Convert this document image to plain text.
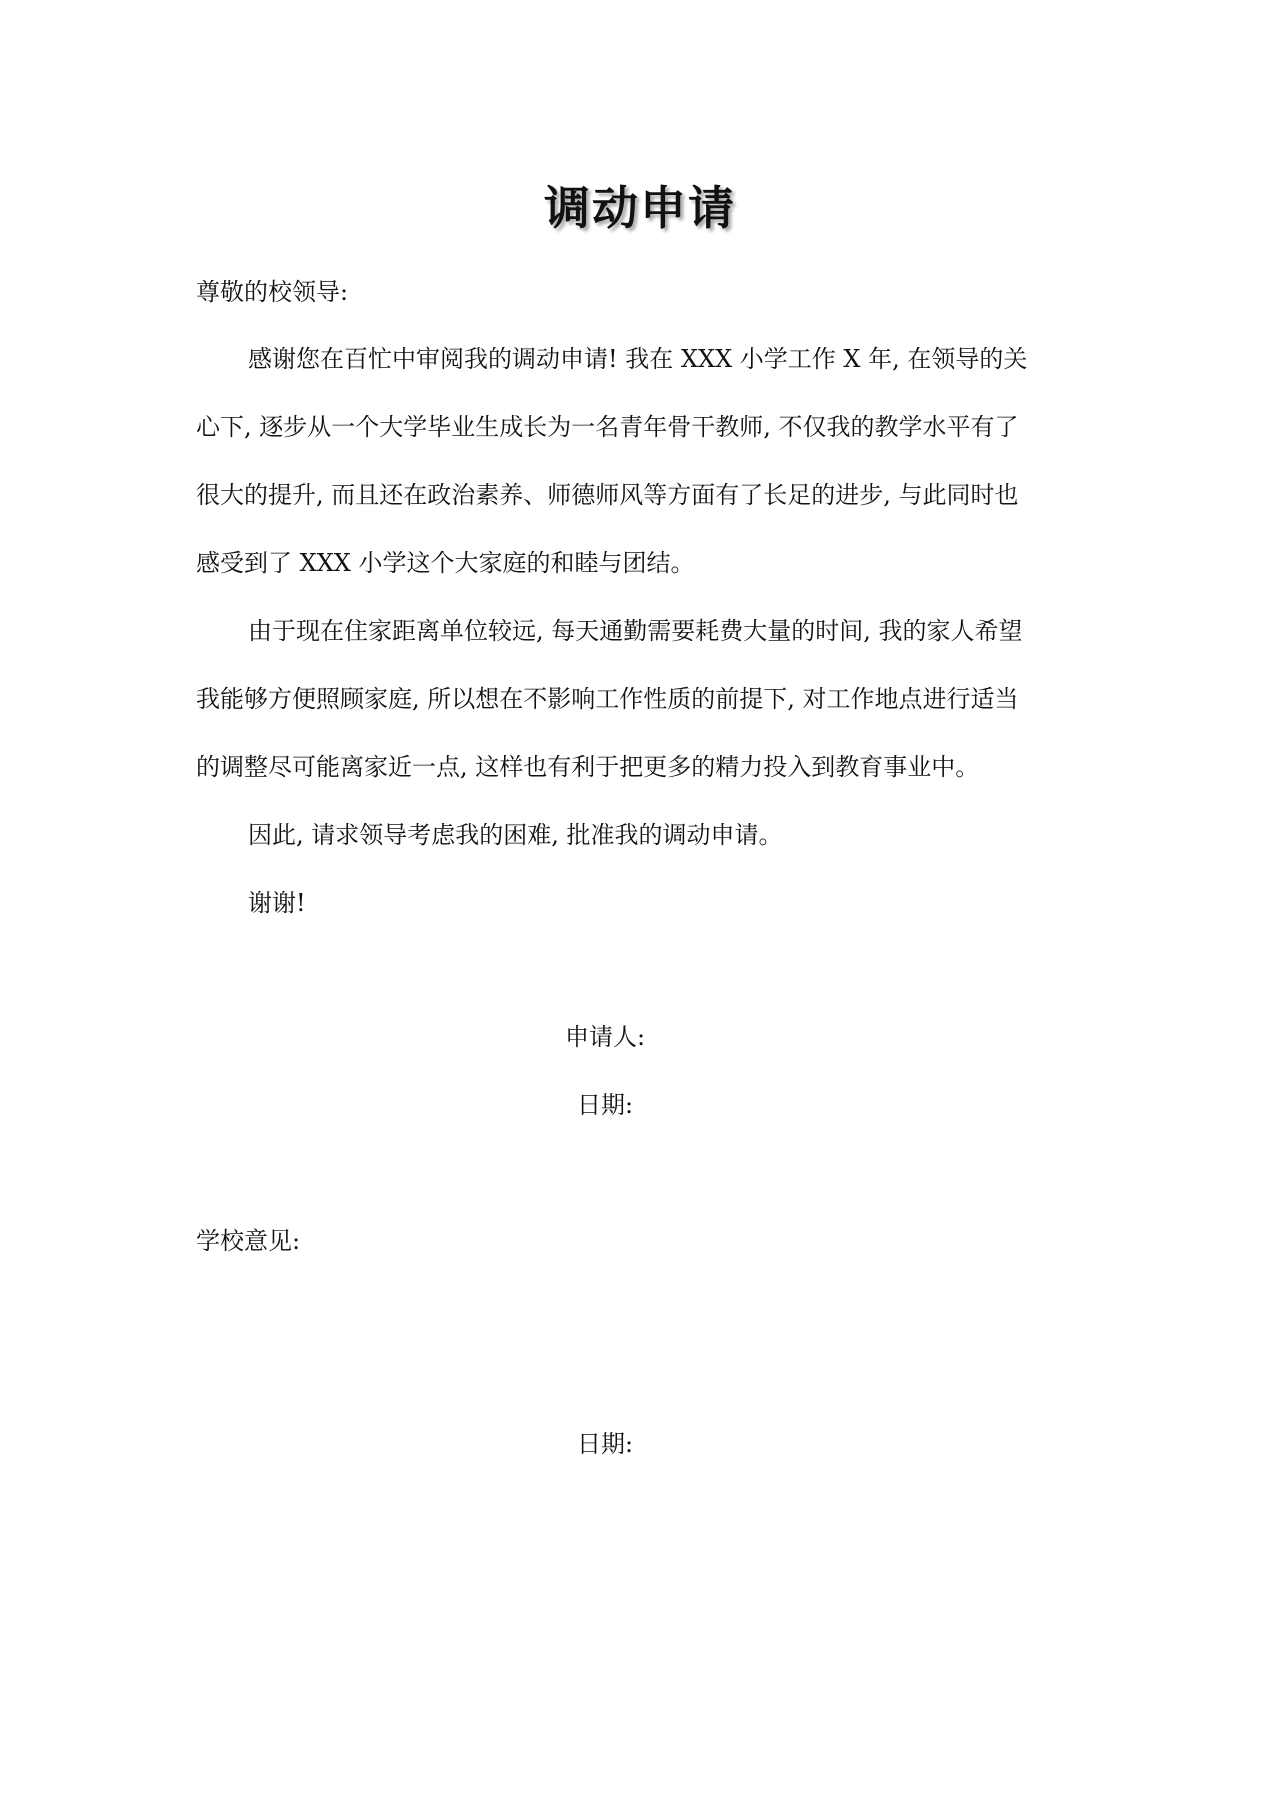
调动申请
尊敬的校领导:
感谢您在百忙中审阅我的调动申请! 我在 XXX 小学工作 X 年, 在领导的关
心下, 逐步从一个大学毕业生成长为一名青年骨干教师, 不仅我的教学水平有了
很大的提升, 而且还在政治素养、师德师风等方面有了长足的进步, 与此同时也
感受到了 XXX 小学这个大家庭的和睦与团结。
由于现在住家距离单位较远, 每天通勤需要耗费大量的时间, 我的家人希望
我能够方便照顾家庭, 所以想在不影响工作性质的前提下, 对工作地点进行适当
的调整尽可能离家近一点, 这样也有利于把更多的精力投入到教育事业中。
因此, 请求领导考虑我的困难, 批准我的调动申请。
谢谢!
申请人:
日期:
学校意见:
日期:
